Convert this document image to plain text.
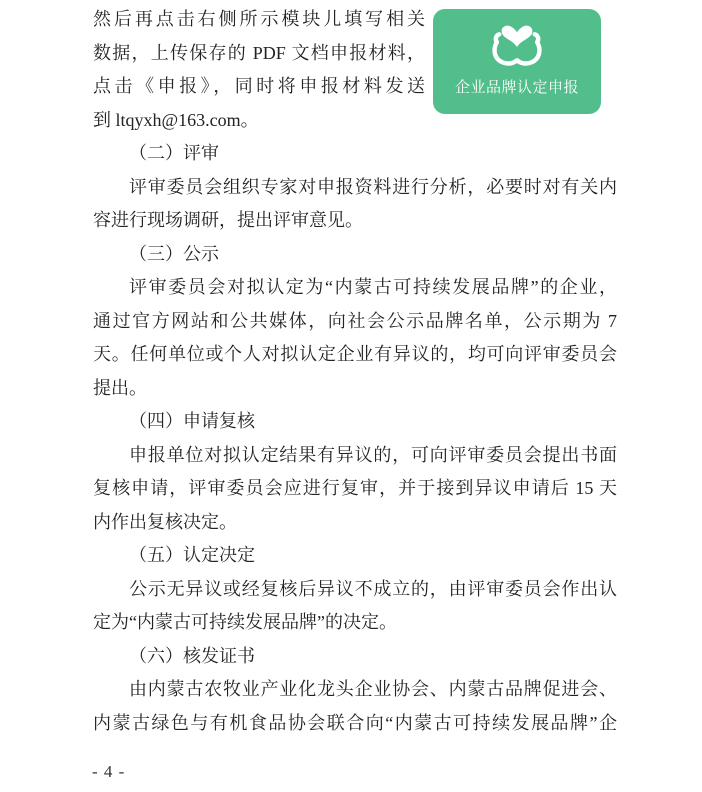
然后再点击右侧所示模块儿填写相关
数据，上传保存的 PDF 文档申报材料，
点击《申报》，同时将申报材料发送
到 ltqyxh@163.com。
企业品牌认定申报
（二）评审
评审委员会组织专家对申报资料进行分析，必要时对有关内
容进行现场调研，提出评审意见。
（三）公示
评审委员会对拟认定为“内蒙古可持续发展品牌”的企业，
通过官方网站和公共媒体，向社会公示品牌名单，公示期为 7
天。任何单位或个人对拟认定企业有异议的，均可向评审委员会
提出。
（四）申请复核
申报单位对拟认定结果有异议的，可向评审委员会提出书面
复核申请，评审委员会应进行复审，并于接到异议申请后 15 天
内作出复核决定。
（五）认定决定
公示无异议或经复核后异议不成立的，由评审委员会作出认
定为“内蒙古可持续发展品牌”的决定。
（六）核发证书
由内蒙古农牧业产业化龙头企业协会、内蒙古品牌促进会、
内蒙古绿色与有机食品协会联合向“内蒙古可持续发展品牌”企
- 4 -
